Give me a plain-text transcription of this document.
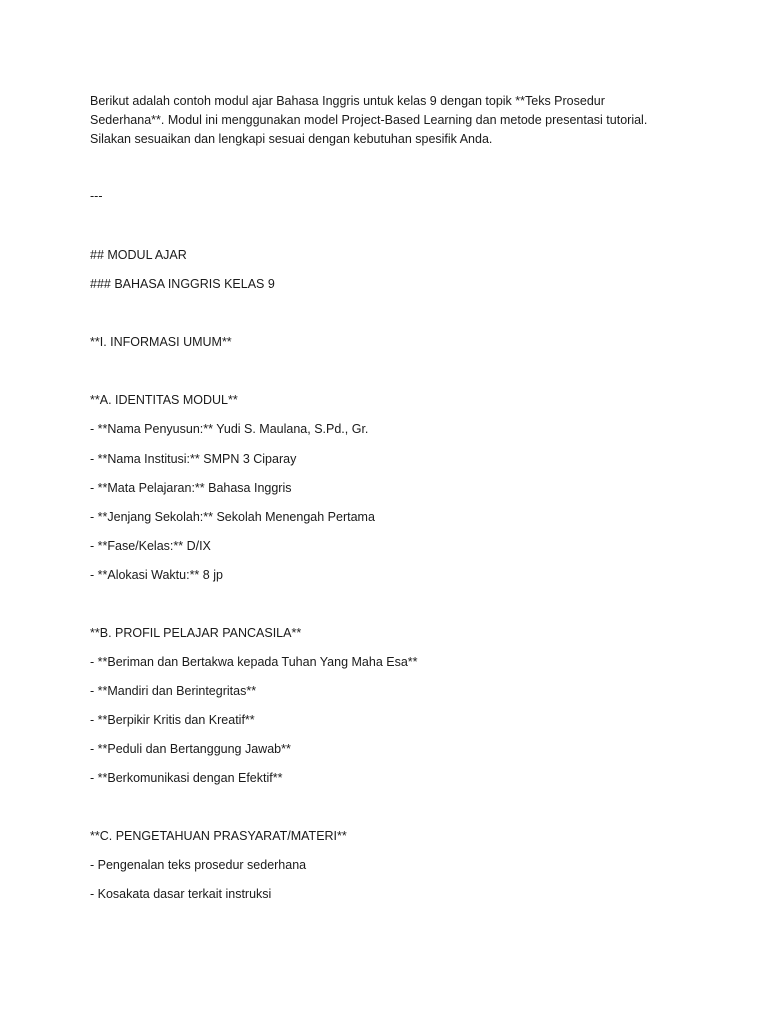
Berikut adalah contoh modul ajar Bahasa Inggris untuk kelas 9 dengan topik **Teks Prosedur
Sederhana**. Modul ini menggunakan model Project-Based Learning dan metode presentasi tutorial.
Silakan sesuaikan dan lengkapi sesuai dengan kebutuhan spesifik Anda.
---
## MODUL AJAR
### BAHASA INGGRIS KELAS 9
**I. INFORMASI UMUM**
**A. IDENTITAS MODUL**
- **Nama Penyusun:** Yudi S. Maulana, S.Pd., Gr.
- **Nama Institusi:** SMPN 3 Ciparay
- **Mata Pelajaran:** Bahasa Inggris
- **Jenjang Sekolah:** Sekolah Menengah Pertama
- **Fase/Kelas:** D/IX
- **Alokasi Waktu:** 8 jp
**B. PROFIL PELAJAR PANCASILA**
- **Beriman dan Bertakwa kepada Tuhan Yang Maha Esa**
- **Mandiri dan Berintegritas**
- **Berpikir Kritis dan Kreatif**
- **Peduli dan Bertanggung Jawab**
- **Berkomunikasi dengan Efektif**
**C. PENGETAHUAN PRASYARAT/MATERI**
- Pengenalan teks prosedur sederhana
- Kosakata dasar terkait instruksi
